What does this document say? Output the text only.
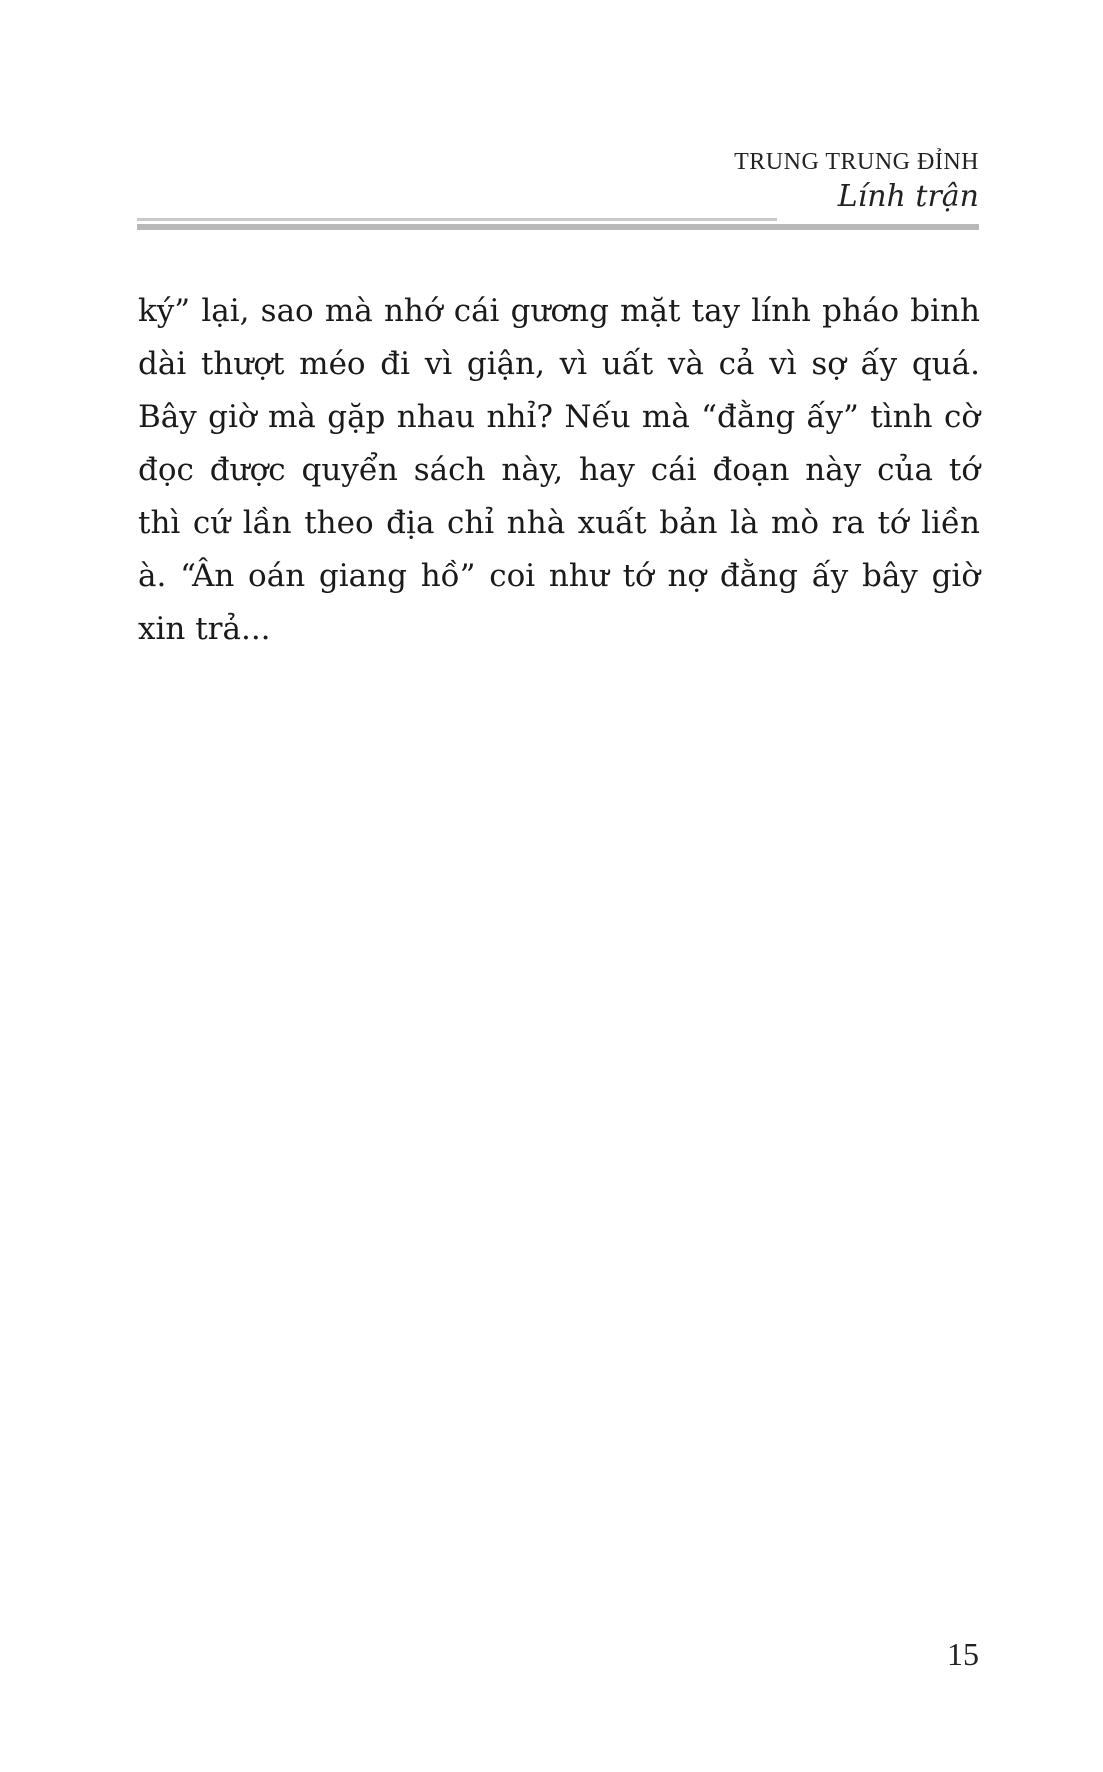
TRUNG TRUNG ĐỈNH
Lính trận
ký” lại, sao mà nhớ cái gương mặt tay lính pháo binh
dài thượt méo đi vì giận, vì uất và cả vì sợ ấy quá.
Bây giờ mà gặp nhau nhỉ? Nếu mà “đằng ấy” tình cờ
đọc được quyển sách này, hay cái đoạn này của tớ
thì cứ lần theo địa chỉ nhà xuất bản là mò ra tớ liền
à. “Ân oán giang hồ” coi như tớ nợ đằng ấy bây giờ
xin trả...
15
